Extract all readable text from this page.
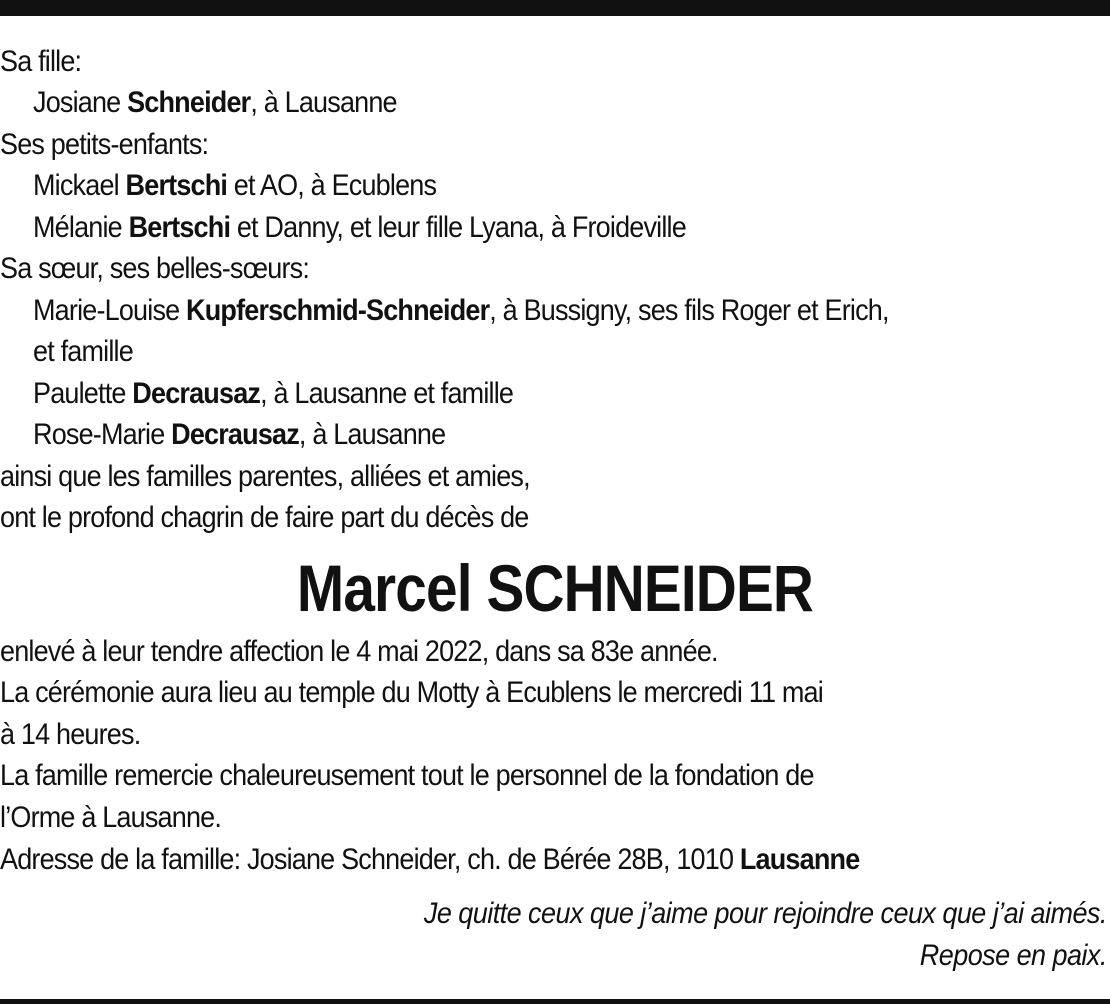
Sa fille:
Josiane Schneider, à Lausanne
Ses petits-enfants:
Mickael Bertschi et AO, à Ecublens
Mélanie Bertschi et Danny, et leur fille Lyana, à Froideville
Sa sœur, ses belles-sœurs:
Marie-Louise Kupferschmid-Schneider, à Bussigny, ses fils Roger et Erich,
et famille
Paulette Decrausaz, à Lausanne et famille
Rose-Marie Decrausaz, à Lausanne
ainsi que les familles parentes, alliées et amies,
ont le profond chagrin de faire part du décès de
Marcel SCHNEIDER
enlevé à leur tendre affection le 4 mai 2022, dans sa 83e année.
La cérémonie aura lieu au temple du Motty à Ecublens le mercredi 11 mai
à 14 heures.
La famille remercie chaleureusement tout le personnel de la fondation de
l’Orme à Lausanne.
Adresse de la famille: Josiane Schneider, ch. de Bérée 28B, 1010 Lausanne
Je quitte ceux que j’aime pour rejoindre ceux que j’ai aimés.
Repose en paix.
